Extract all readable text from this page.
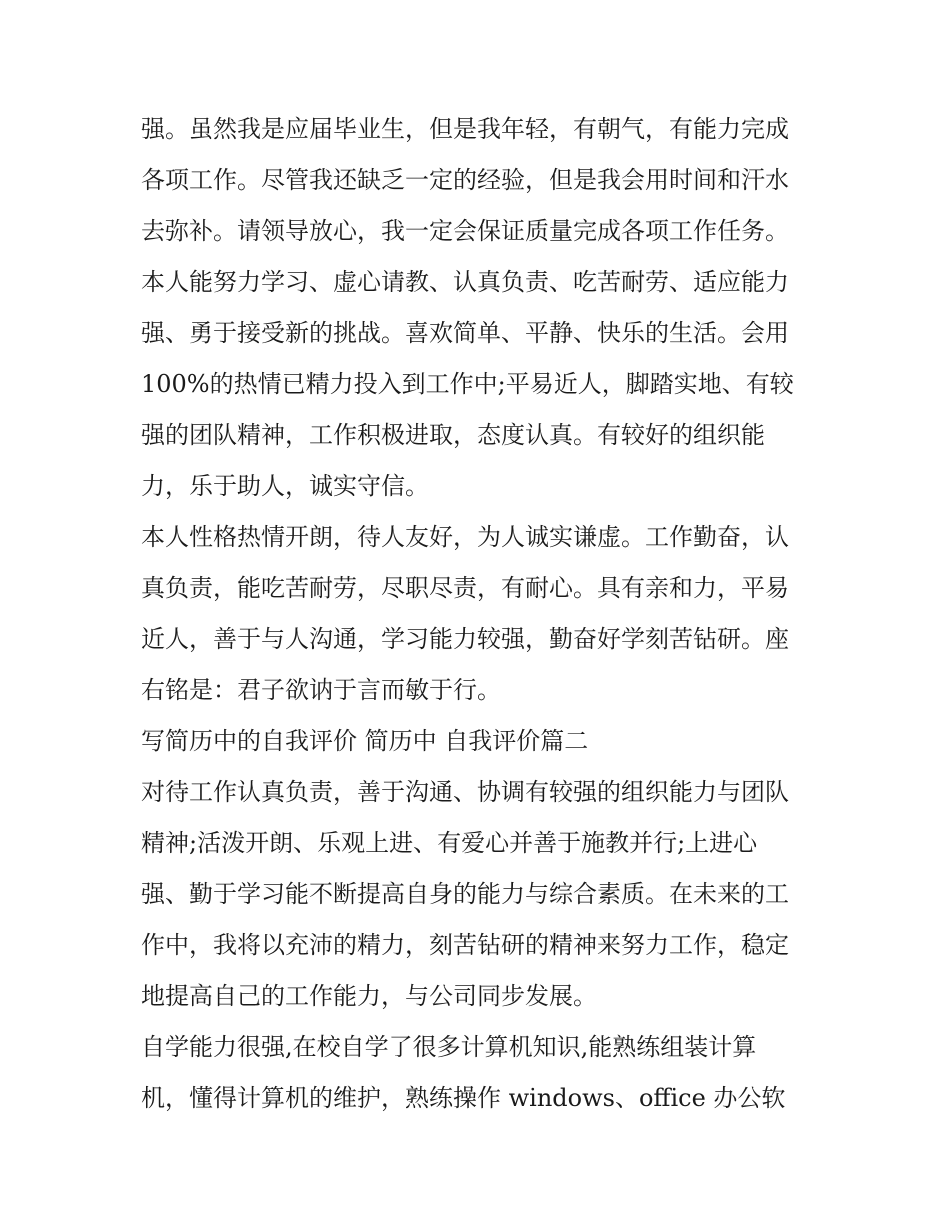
强。虽然我是应届毕业生，但是我年轻，有朝气，有能力完成
各项工作。尽管我还缺乏一定的经验，但是我会用时间和汗水
去弥补。请领导放心，我一定会保证质量完成各项工作任务。
本人能努力学习、虚心请教、认真负责、吃苦耐劳、适应能力
强、勇于接受新的挑战。喜欢简单、平静、快乐的生活。会用
100%的热情已精力投入到工作中;平易近人，脚踏实地、有较
强的团队精神，工作积极进取，态度认真。有较好的组织能
力，乐于助人，诚实守信。
本人性格热情开朗，待人友好，为人诚实谦虚。工作勤奋，认
真负责，能吃苦耐劳，尽职尽责，有耐心。具有亲和力，平易
近人，善于与人沟通，学习能力较强，勤奋好学刻苦钻研。座
右铭是：君子欲讷于言而敏于行。
写简历中的自我评价 简历中 自我评价篇二
对待工作认真负责，善于沟通、协调有较强的组织能力与团队
精神;活泼开朗、乐观上进、有爱心并善于施教并行;上进心
强、勤于学习能不断提高自身的能力与综合素质。在未来的工
作中，我将以充沛的精力，刻苦钻研的精神来努力工作，稳定
地提高自己的工作能力，与公司同步发展。
自学能力很强,在校自学了很多计算机知识,能熟练组装计算
机，懂得计算机的维护，熟练操作 windows、office 办公软
